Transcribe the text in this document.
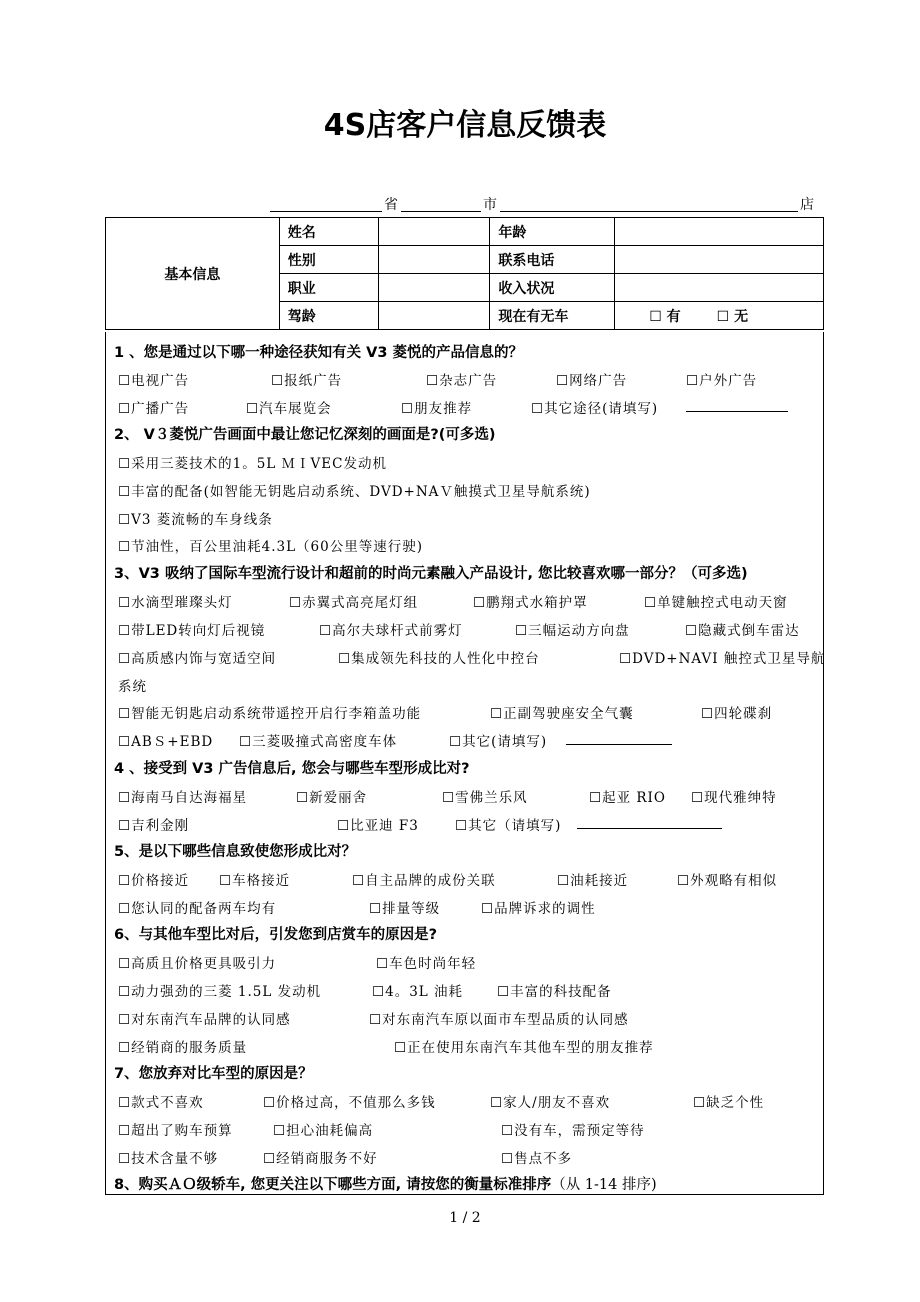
4S店客户信息反馈表
省	市	店
基本信息	姓名		年龄	
	性别		联系电话	
	职业		收入状况	
	驾龄		现在有无车	☐ 有 ☐ 无
1 、您是通过以下哪一种途径获知有关 V3 菱悦的产品信息的？
☐电视广告	☐报纸广告	☐杂志广告	☐网络广告	☐户外广告
☐广播广告	☐汽车展览会	☐朋友推荐	☐其它途径(请填写)
2、 V３菱悦广告画面中最让您记忆深刻的画面是?(可多选)
☐采用三菱技术的1。5L ＭＩVEC发动机
☐丰富的配备(如智能无钥匙启动系统、DVD+NAＶ触摸式卫星导航系统)
☐V3 菱流畅的车身线条
☐节油性，百公里油耗4.3L（60公里等速行驶)
3、V3 吸纳了国际车型流行设计和超前的时尚元素融入产品设计, 您比较喜欢哪一部分？（可多选)
☐水滴型璀璨头灯	☐赤翼式高亮尾灯组	☐鹏翔式水箱护罩	☐单键触控式电动天窗
☐带LED转向灯后视镜	☐高尔夫球杆式前雾灯	☐三幅运动方向盘	☐隐藏式倒车雷达
☐高质感内饰与宽适空间	☐集成领先科技的人性化中控台	☐DVD+NAVI 触控式卫星导航
系统
☐智能无钥匙启动系统带遥控开启行李箱盖功能	☐正副驾驶座安全气囊	☐四轮碟刹
☐ABＳ+EBD ☐三菱吸撞式高密度车体	☐其它(请填写)
4 、接受到 V3 广告信息后, 您会与哪些车型形成比对?
☐海南马自达海福星	☐新爱丽舍	☐雪佛兰乐风	☐起亚 RIO ☐现代雅绅特
☐吉利金刚	☐比亚迪 F3	☐其它（请填写)
5、是以下哪些信息致使您形成比对？
☐价格接近 ☐车格接近	☐自主品牌的成份关联	☐油耗接近	☐外观略有相似
☐您认同的配备两车均有	☐排量等级	☐品牌诉求的调性
6、与其他车型比对后，引发您到店赏车的原因是?
☐高质且价格更具吸引力	☐车色时尚年轻
☐动力强劲的三菱 1.5L 发动机	☐4。3L 油耗	☐丰富的科技配备
☐对东南汽车品牌的认同感	☐对东南汽车原以面市车型品质的认同感
☐经销商的服务质量	☐正在使用东南汽车其他车型的朋友推荐
7、您放弃对比车型的原因是？
☐款式不喜欢	☐价格过高，不值那么多钱	☐家人/朋友不喜欢	☐缺乏个性
☐超出了购车预算	☐担心油耗偏高	☐没有车，需预定等待
☐技术含量不够	☐经销商服务不好	☐售点不多
8、购买ＡＯ级轿车, 您更关注以下哪些方面, 请按您的衡量标准排序（从 1-14 排序)
1 / 2
